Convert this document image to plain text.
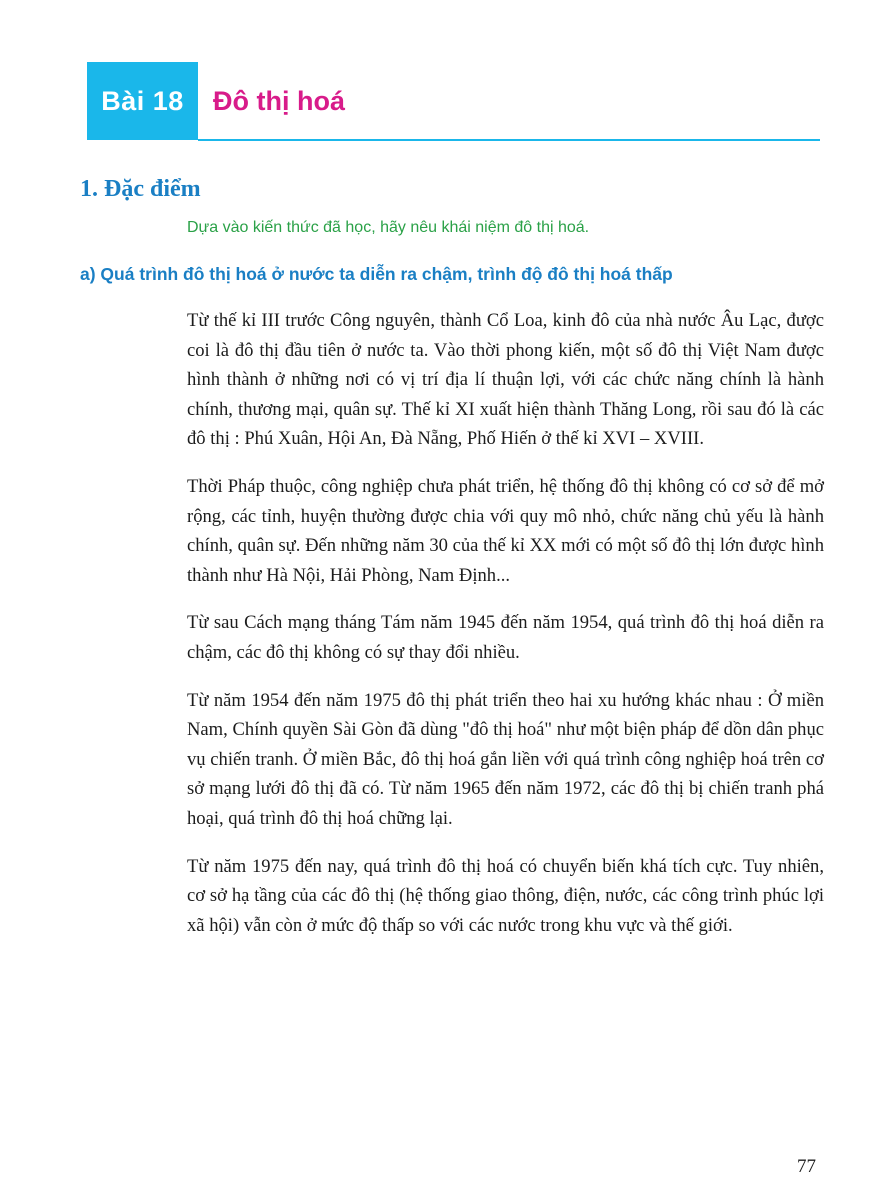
Bài 18 Đô thị hoá
1. Đặc điểm
Dựa vào kiến thức đã học, hãy nêu khái niệm đô thị hoá.
a) Quá trình đô thị hoá ở nước ta diễn ra chậm, trình độ đô thị hoá thấp

Từ thế kỉ III trước Công nguyên, thành Cổ Loa, kinh đô của nhà nước Âu Lạc, được coi là đô thị đầu tiên ở nước ta. Vào thời phong kiến, một số đô thị Việt Nam được hình thành ở những nơi có vị trí địa lí thuận lợi, với các chức năng chính là hành chính, thương mại, quân sự. Thế kỉ XI xuất hiện thành Thăng Long, rồi sau đó là các đô thị : Phú Xuân, Hội An, Đà Nẵng, Phố Hiến ở thế kỉ XVI – XVIII.

Thời Pháp thuộc, công nghiệp chưa phát triển, hệ thống đô thị không có cơ sở để mở rộng, các tỉnh, huyện thường được chia với quy mô nhỏ, chức năng chủ yếu là hành chính, quân sự. Đến những năm 30 của thế kỉ XX mới có một số đô thị lớn được hình thành như Hà Nội, Hải Phòng, Nam Định...

Từ sau Cách mạng tháng Tám năm 1945 đến năm 1954, quá trình đô thị hoá diễn ra chậm, các đô thị không có sự thay đổi nhiều.

Từ năm 1954 đến năm 1975 đô thị phát triển theo hai xu hướng khác nhau : Ở miền Nam, Chính quyền Sài Gòn đã dùng "đô thị hoá" như một biện pháp để dồn dân phục vụ chiến tranh. Ở miền Bắc, đô thị hoá gắn liền với quá trình công nghiệp hoá trên cơ sở mạng lưới đô thị đã có. Từ năm 1965 đến năm 1972, các đô thị bị chiến tranh phá hoại, quá trình đô thị hoá chững lại.

Từ năm 1975 đến nay, quá trình đô thị hoá có chuyển biến khá tích cực. Tuy nhiên, cơ sở hạ tầng của các đô thị (hệ thống giao thông, điện, nước, các công trình phúc lợi xã hội) vẫn còn ở mức độ thấp so với các nước trong khu vực và thế giới.

77
